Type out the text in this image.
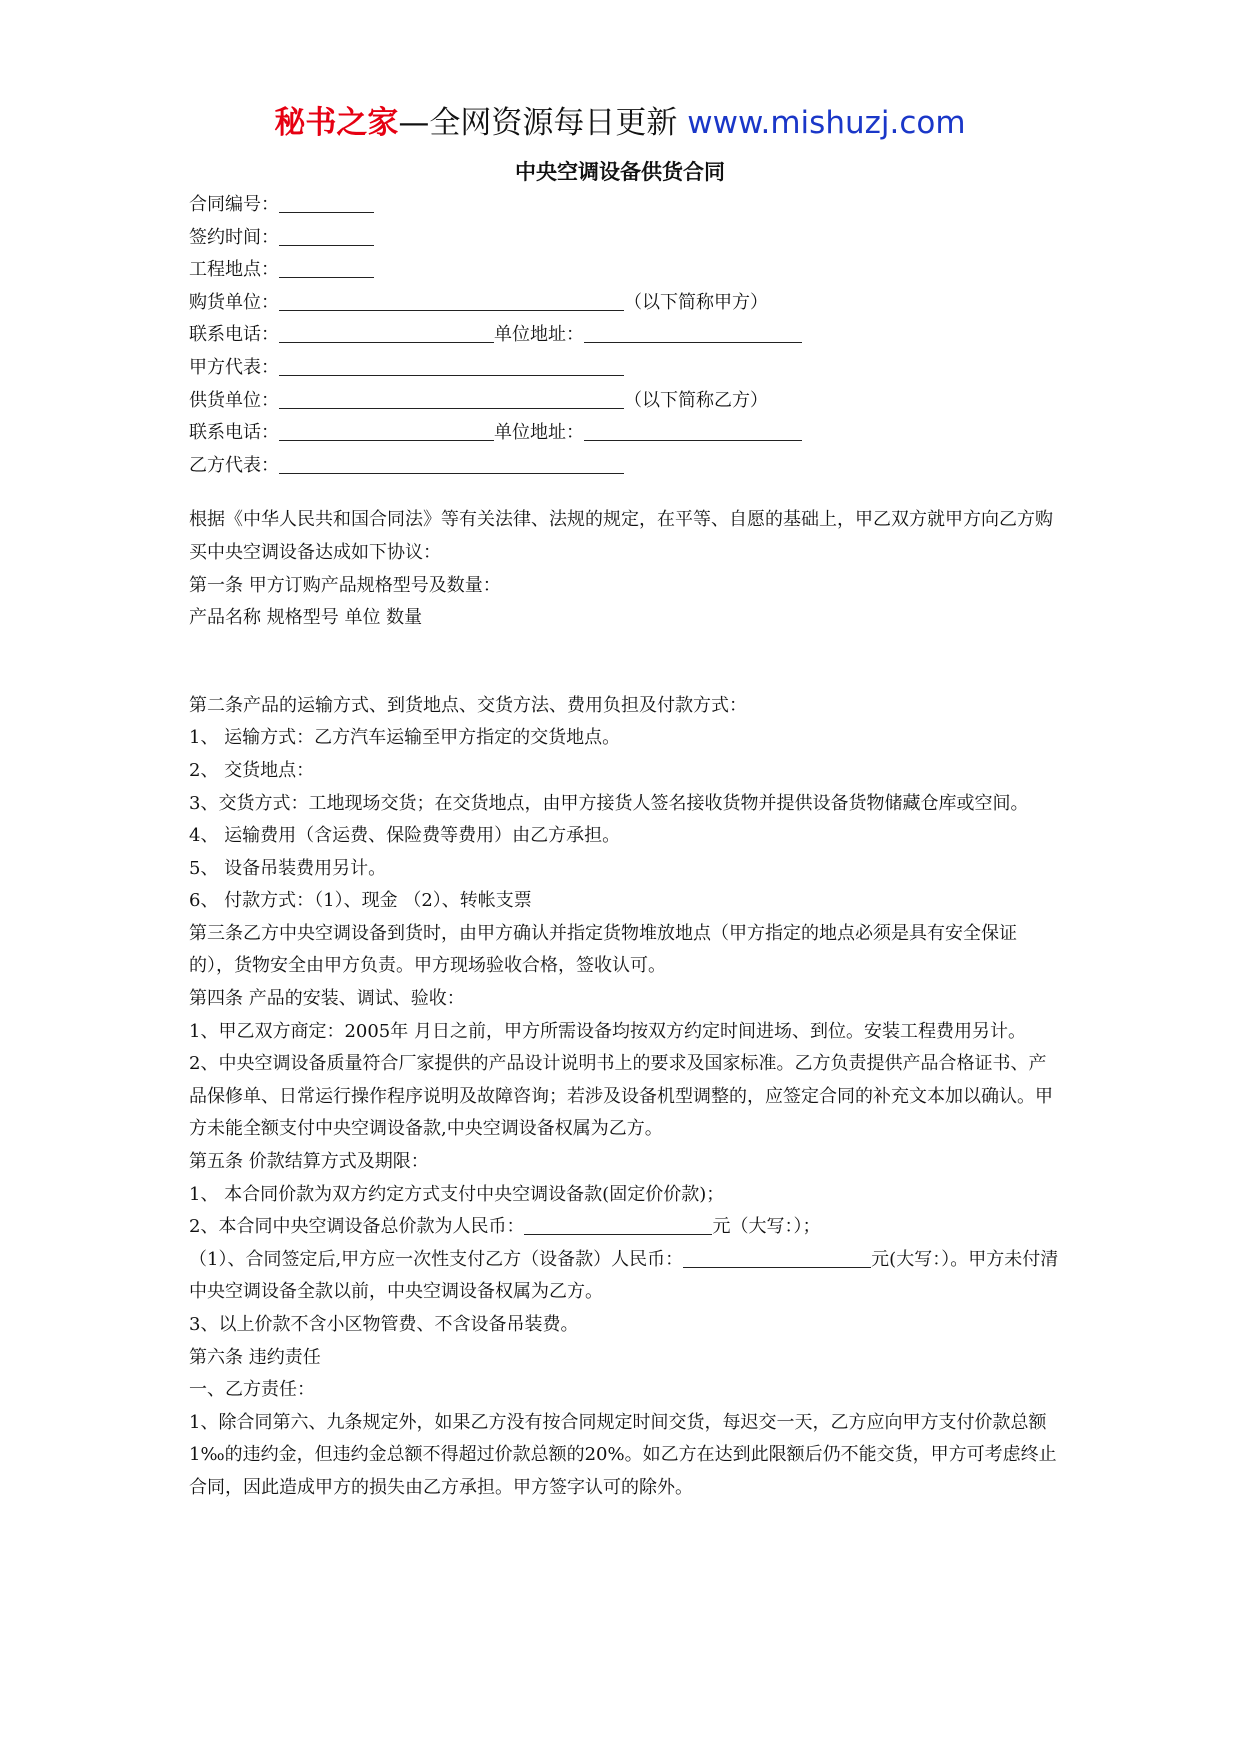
秘书之家—全网资源每日更新 www.mishuzj.com
中央空调设备供货合同
合同编号：
签约时间：
工程地点：
购货单位：	（以下简称甲方）
联系电话：	单位地址：
甲方代表：
供货单位：	（以下简称乙方）
联系电话：	单位地址：
乙方代表：

根据《中华人民共和国合同法》等有关法律、法规的规定，在平等、自愿的基础上，甲乙双方就甲方向乙方购买中央空调设备达成如下协议：

第一条 甲方订购产品规格型号及数量：

产品名称 规格型号 单位 数量

第二条产品的运输方式、到货地点、交货方法、费用负担及付款方式：

1、 运输方式：乙方汽车运输至甲方指定的交货地点。

2、 交货地点：

3、交货方式：工地现场交货；在交货地点，由甲方接货人签名接收货物并提供设备货物储藏仓库或空间。

4、 运输费用（含运费、保险费等费用）由乙方承担。

5、 设备吊装费用另计。

6、 付款方式：（1）、现金 （2）、转帐支票

第三条乙方中央空调设备到货时，由甲方确认并指定货物堆放地点（甲方指定的地点必须是具有安全保证的），货物安全由甲方负责。甲方现场验收合格，签收认可。

第四条 产品的安装、调试、验收：

1、甲乙双方商定：2005年 月日之前，甲方所需设备均按双方约定时间进场、到位。安装工程费用另计。

2、中央空调设备质量符合厂家提供的产品设计说明书上的要求及国家标准。乙方负责提供产品合格证书、产品保修单、日常运行操作程序说明及故障咨询；若涉及设备机型调整的，应签定合同的补充文本加以确认。甲方未能全额支付中央空调设备款,中央空调设备权属为乙方。

第五条 价款结算方式及期限：

1、 本合同价款为双方约定方式支付中央空调设备款(固定价价款)；

2、本合同中央空调设备总价款为人民币：	元（大写：）；

（1）、合同签定后,甲方应一次性支付乙方（设备款）人民币：	元(大写：）。甲方未付清中央空调设备全款以前，中央空调设备权属为乙方。

3、以上价款不含小区物管费、不含设备吊装费。

第六条 违约责任

一、乙方责任：

1、除合同第六、九条规定外，如果乙方没有按合同规定时间交货，每迟交一天，乙方应向甲方支付价款总额1‰的违约金，但违约金总额不得超过价款总额的20%。如乙方在达到此限额后仍不能交货，甲方可考虑终止合同，因此造成甲方的损失由乙方承担。甲方签字认可的除外。
